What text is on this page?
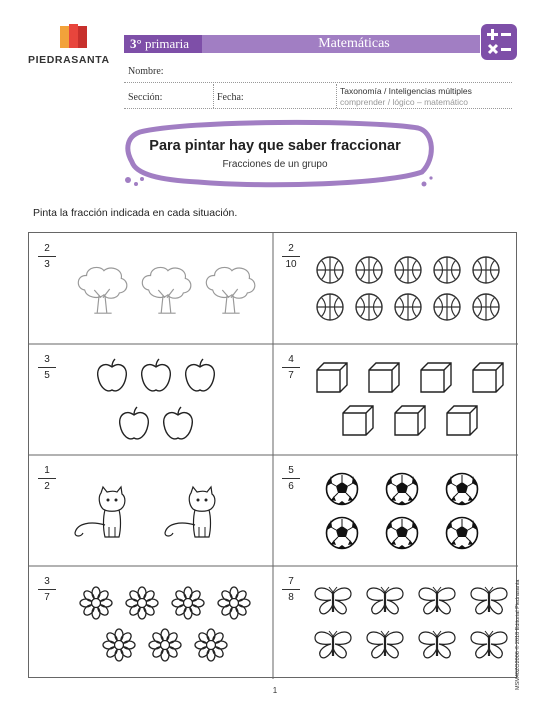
PIEDRASANTA
3° primaria	Matemáticas
Nombre:
Sección:	Fecha:
Taxonomía / Inteligencias múltiples
comprender / lógico – matemático
Para pintar hay que saber fraccionar
Fracciones de un grupo
Pinta la fracción indicada en cada situación.
2
3
2
10
3
5
4
7
1
2
5
6
3
7
7
8	MSM40ZO2006 © 2018 Editorial Piedrasanta
1
